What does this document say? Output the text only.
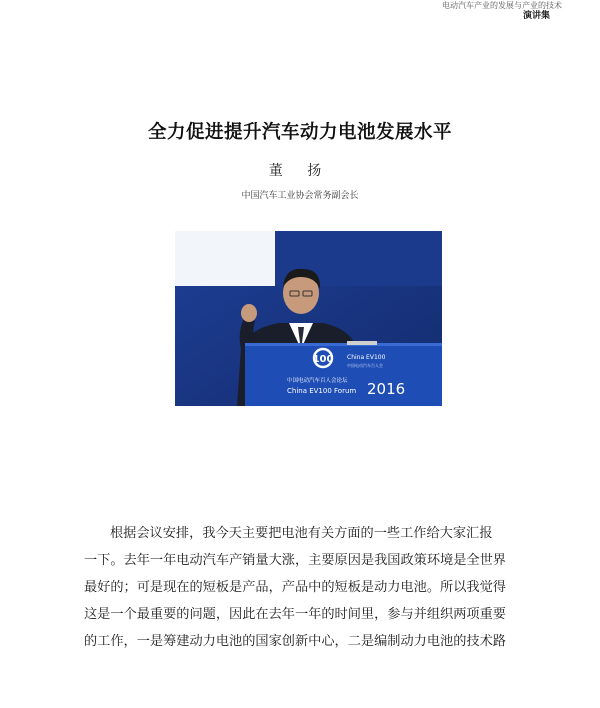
电动汽车产业的发展与产业的技术
演讲集
全力促进提升汽车动力电池发展水平
董 扬
中国汽车工业协会常务副会长
100 China EV100
中国电动汽车百人会
中国电动汽车百人会论坛
China EV100 Forum 2016
根据会议安排，我今天主要把电池有关方面的一些工作给大家汇报
一下。去年一年电动汽车产销量大涨，主要原因是我国政策环境是全世界
最好的；可是现在的短板是产品，产品中的短板是动力电池。所以我觉得
这是一个最重要的问题，因此在去年一年的时间里，参与并组织两项重要
的工作，一是筹建动力电池的国家创新中心，二是编制动力电池的技术路
